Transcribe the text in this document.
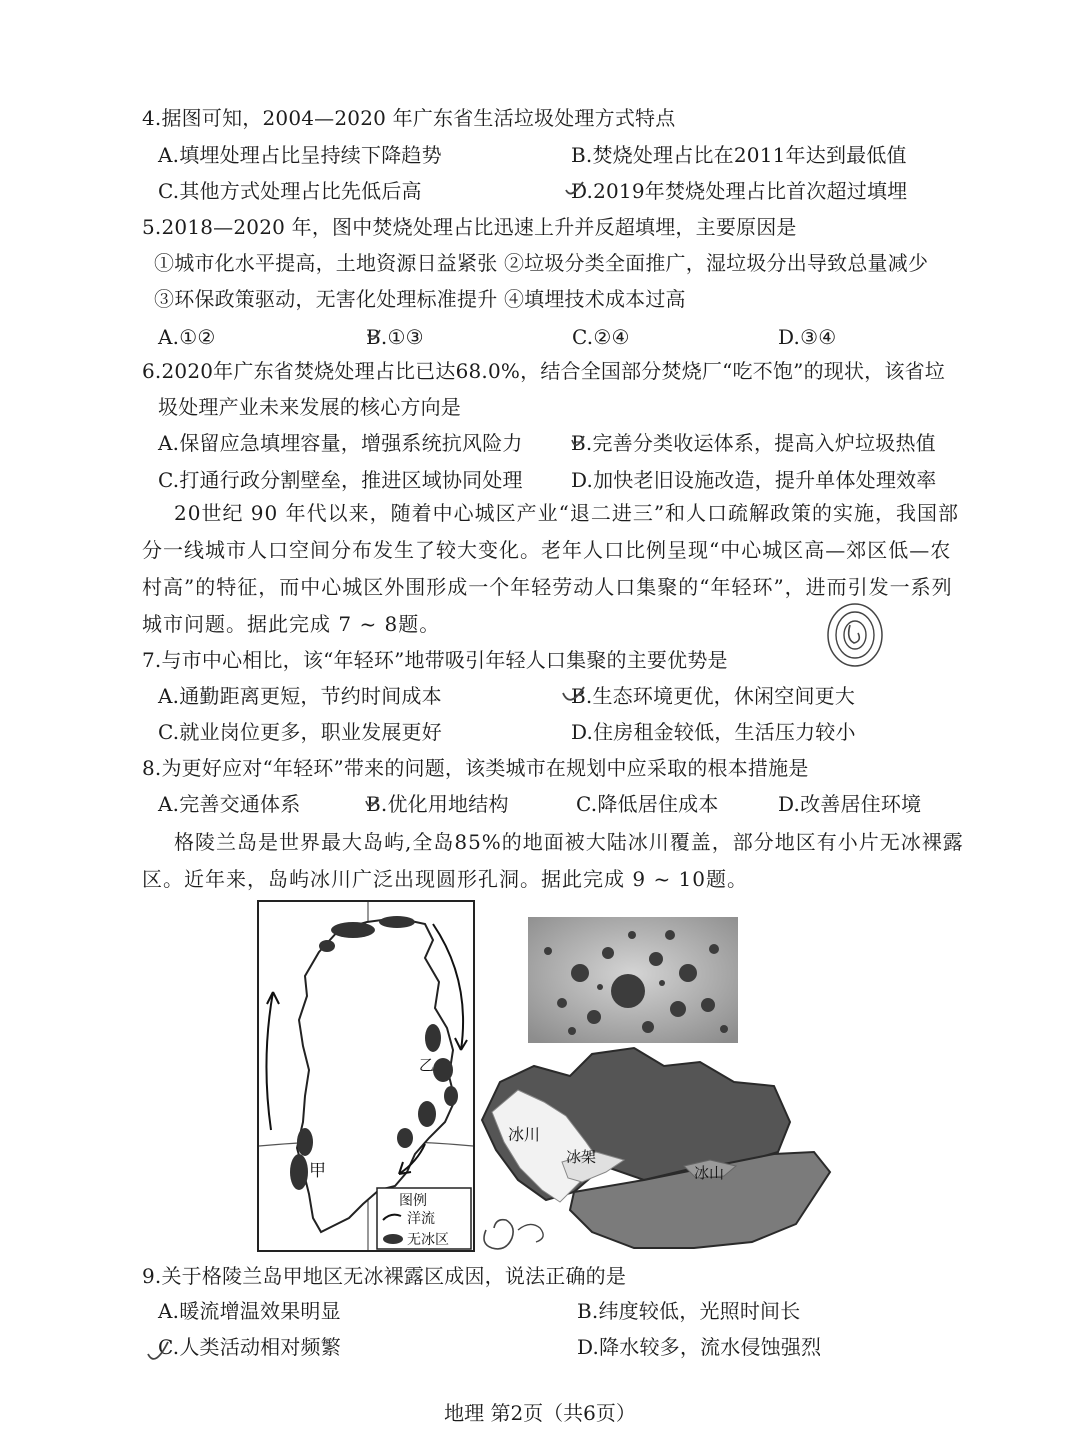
4.据图可知，2004—2020 年广东省生活垃圾处理方式特点
A.填埋处理占比呈持续下降趋势	B.焚烧处理占比在2011年达到最低值
C.其他方式处理占比先低后高	D.2019年焚烧处理占比首次超过填埋
5.2018—2020 年，图中焚烧处理占比迅速上升并反超填埋，主要原因是
①城市化水平提高，土地资源日益紧张 ②垃圾分类全面推广，湿垃圾分出导致总量减少
③环保政策驱动，无害化处理标准提升 ④填埋技术成本过高
A.①②	B.①③	C.②④	D.③④
6.2020年广东省焚烧处理占比已达68.0%，结合全国部分焚烧厂“吃不饱”的现状，该省垃
圾处理产业未来发展的核心方向是
A.保留应急填埋容量，增强系统抗风险力 B.完善分类收运体系，提高入炉垃圾热值
C.打通行政分割壁垒，推进区域协同处理 D.加快老旧设施改造，提升单体处理效率
20世纪 90 年代以来，随着中心城区产业“退二进三”和人口疏解政策的实施，我国部分一线城市人口空间分布发生了较大变化。老年人口比例呈现“中心城区高—郊区低—农村高”的特征，而中心城区外围形成一个年轻劳动人口集聚的“年轻环”，进而引发一系列城市问题。据此完成 7 ~ 8题。
7.与市中心相比，该“年轻环”地带吸引年轻人口集聚的主要优势是
A.通勤距离更短，节约时间成本	B.生态环境更优，休闲空间更大
C.就业岗位更多，职业发展更好	D.住房租金较低，生活压力较小
8.为更好应对“年轻环”带来的问题，该类城市在规划中应采取的根本措施是
A.完善交通体系	B.优化用地结构	C.降低居住成本	D.改善居住环境
格陵兰岛是世界最大岛屿,全岛85%的地面被大陆冰川覆盖，部分地区有小片无冰裸露区。近年来，岛屿冰川广泛出现圆形孔洞。据此完成 9 ~ 10题。
甲
乙
图例
洋流
无冰区
冰川
冰架
冰山
9.关于格陵兰岛甲地区无冰裸露区成因，说法正确的是
A.暖流增温效果明显	B.纬度较低，光照时间长
C.人类活动相对频繁	D.降水较多，流水侵蚀强烈
地理 第2页（共6页）
